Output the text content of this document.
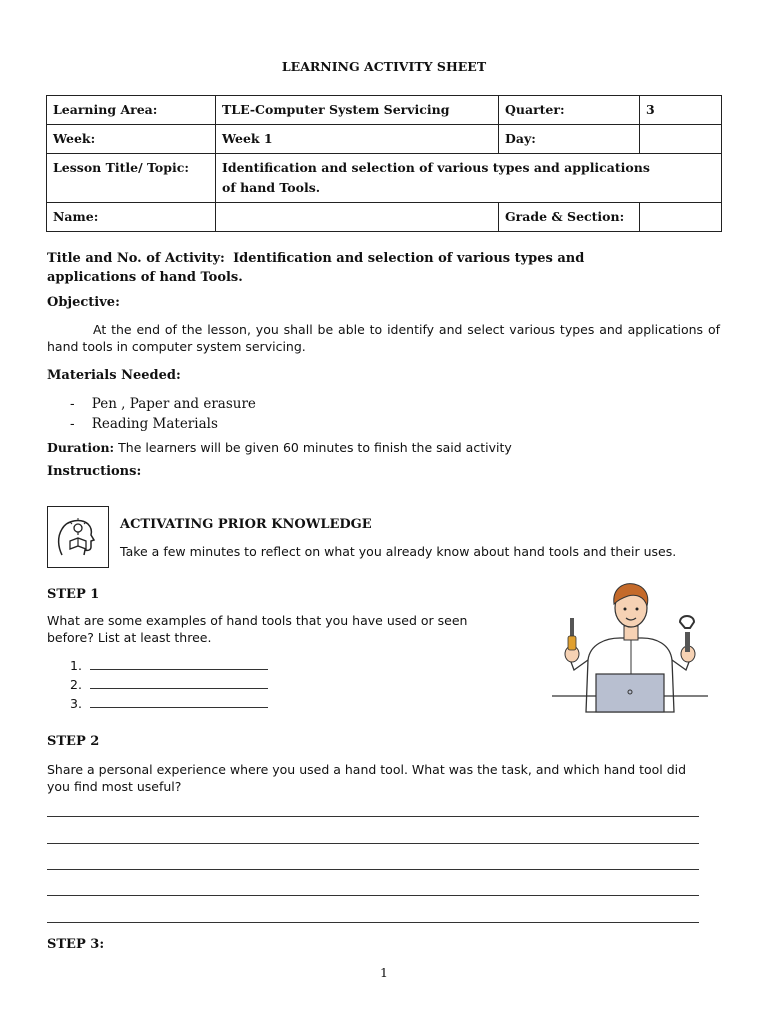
LEARNING ACTIVITY SHEET
Learning Area:	TLE-Computer System Servicing	Quarter:	3
Week:	Week 1	Day:	
Lesson Title/ Topic:	Identification and selection of various types and applications of hand Tools.		
Name:		Grade & Section:	
Title and No. of Activity: Identification and selection of various types and
applications of hand Tools.
Objective:
At the end of the lesson, you shall be able to identify and select various types and applications of hand tools in computer system servicing.
Materials Needed:
-    Pen , Paper and erasure
-    Reading Materials
Duration: The learners will be given 60 minutes to finish the said activity
Instructions:
ACTIVATING PRIOR KNOWLEDGE
Take a few minutes to reflect on what you already know about hand tools and their uses.
STEP 1
What are some examples of hand tools that you have used or seen before? List at least three.
1.
2.
3.
STEP 2
Share a personal experience where you used a hand tool. What was the task, and which hand tool did you find most useful?
STEP 3:
1
